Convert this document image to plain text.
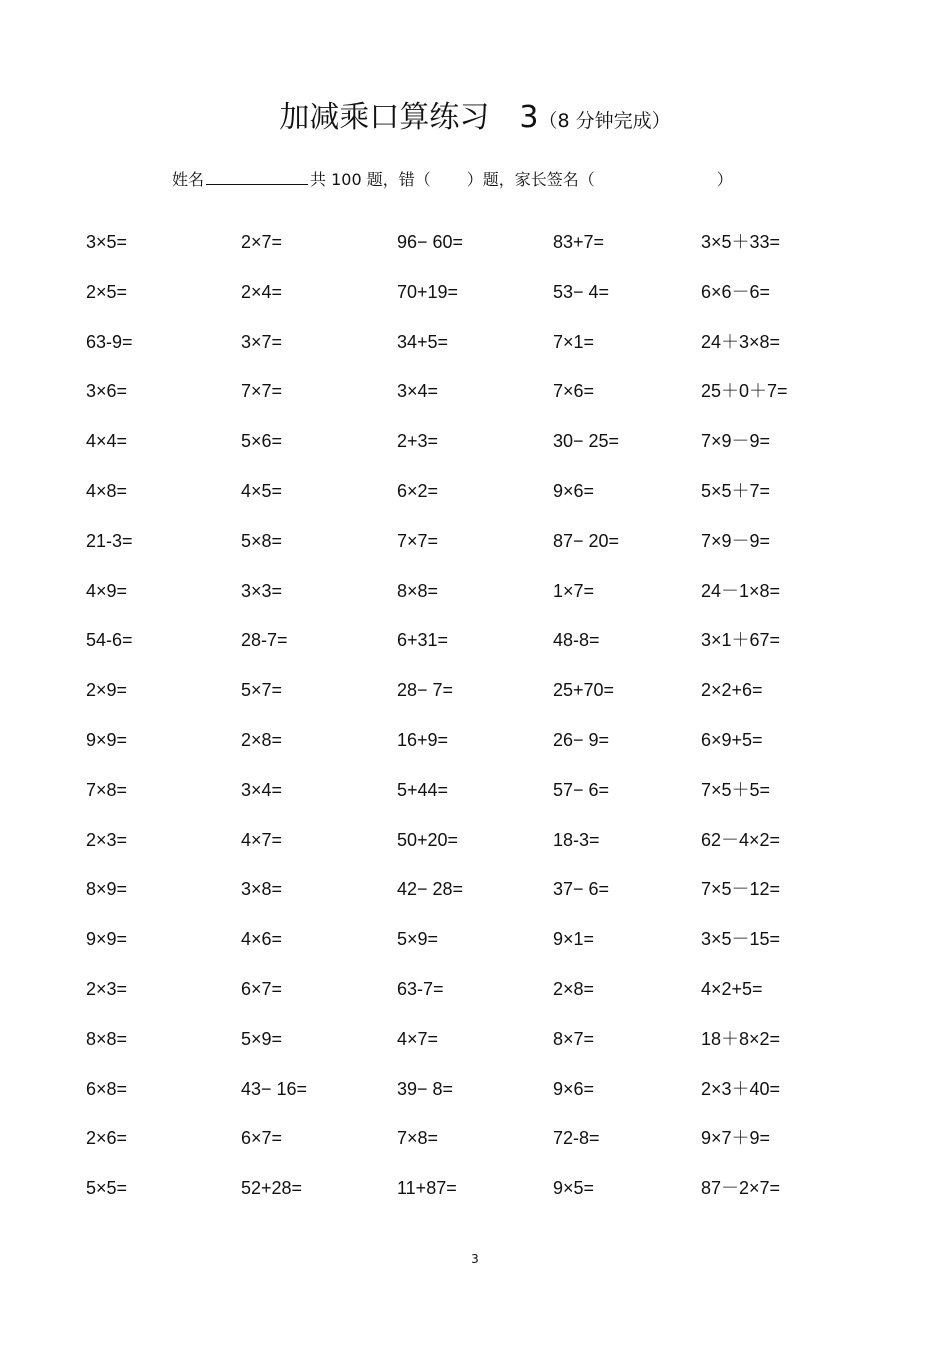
加减乘口算练习 3（8 分钟完成）
姓名	共 100 题，错（ ）题，家长签名（	）
3×5=	2×7=	96− 60=	83+7=	3×5＋33=
2×5=	2×4=	70+19=	53− 4=	6×6－6=
63-9=	3×7=	34+5=	7×1=	24＋3×8=
3×6=	7×7=	3×4=	7×6=	25＋0＋7=
4×4=	5×6=	2+3=	30− 25=	7×9－9=
4×8=	4×5=	6×2=	9×6=	5×5＋7=
21-3=	5×8=	7×7=	87− 20=	7×9－9=
4×9=	3×3=	8×8=	1×7=	24－1×8=
54-6=	28-7=	6+31=	48-8=	3×1＋67=
2×9=	5×7=	28− 7=	25+70=	2×2+6=
9×9=	2×8=	16+9=	26− 9=	6×9+5=
7×8=	3×4=	5+44=	57− 6=	7×5＋5=
2×3=	4×7=	50+20=	18-3=	62－4×2=
8×9=	3×8=	42− 28=	37− 6=	7×5－12=
9×9=	4×6=	5×9=	9×1=	3×5－15=
2×3=	6×7=	63-7=	2×8=	4×2+5=
8×8=	5×9=	4×7=	8×7=	18＋8×2=
6×8=	43− 16=	39− 8=	9×6=	2×3＋40=
2×6=	6×7=	7×8=	72-8=	9×7＋9=
5×5=	52+28=	11+87=	9×5=	87－2×7=
3
